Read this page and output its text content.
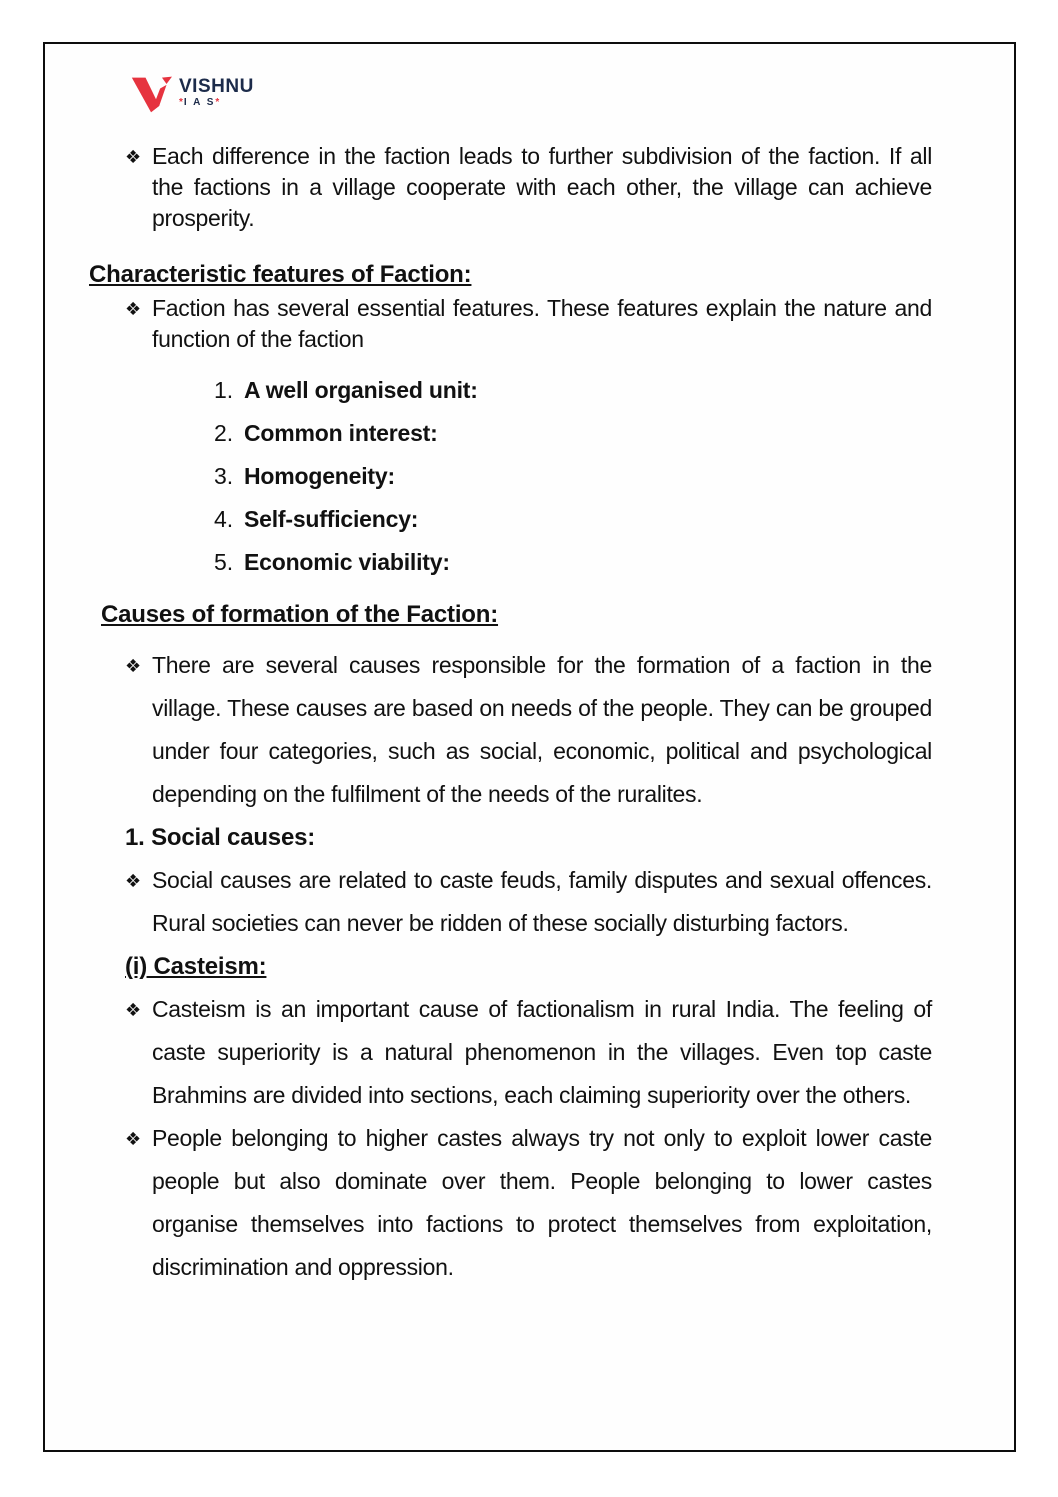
VISHNU
*I A S*
❖ Each difference in the faction leads to further subdivision of the faction. If all the factions in a village cooperate with each other, the village can achieve prosperity.

Characteristic features of Faction:
❖ Faction has several essential features. These features explain the nature and function of the faction

1. A well organised unit:
2. Common interest:
3. Homogeneity:
4. Self-sufficiency:
5. Economic viability:
Causes of formation of the Faction:
❖ There are several causes responsible for the formation of a faction in the village. These causes are based on needs of the people. They can be grouped under four categories, such as social, economic, political and psychological depending on the fulfilment of the needs of the ruralites.

1. Social causes:
❖ Social causes are related to caste feuds, family disputes and sexual offences. Rural societies can never be ridden of these socially disturbing factors.

(i) Casteism:
❖ Casteism is an important cause of factionalism in rural India. The feeling of caste superiority is a natural phenomenon in the villages. Even top caste Brahmins are divided into sections, each claiming superiority over the others.

❖ People belonging to higher castes always try not only to exploit lower caste people but also dominate over them. People belonging to lower castes organise themselves into factions to protect themselves from exploitation, discrimination and oppression.
